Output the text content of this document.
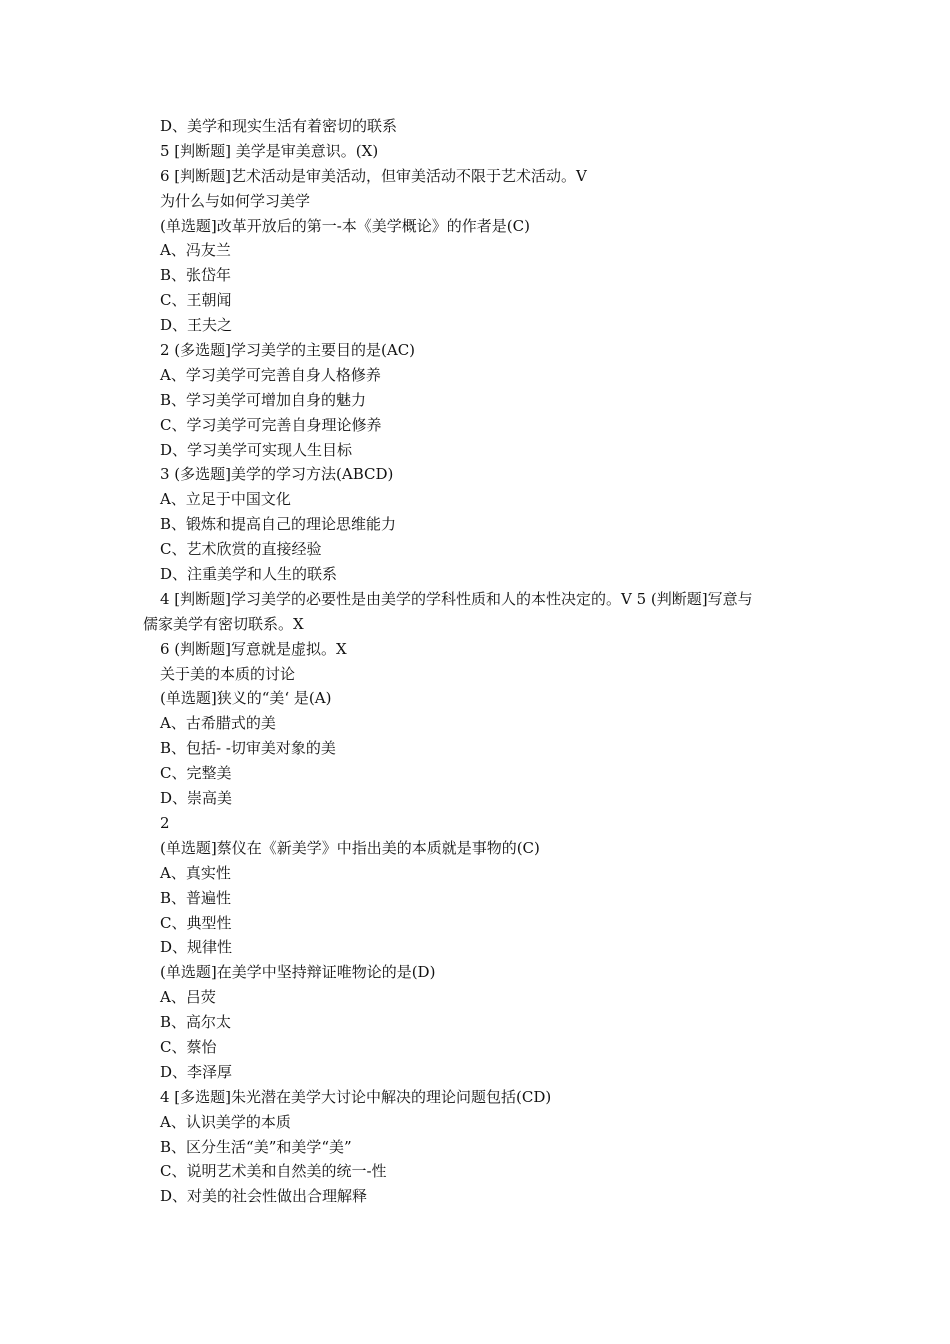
D、美学和现实生活有着密切的联系
5 [判断题] 美学是审美意识。(X)
6 [判断题]艺术活动是审美活动，但审美活动不限于艺术活动。V
为什么与如何学习美学
(单选题]改革开放后的第一-本《美学概论》的作者是(C)
A、冯友兰
B、张岱年
C、王朝闻
D、王夫之
2 (多选题]学习美学的主要目的是(AC)
A、学习美学可完善自身人格修养
B、学习美学可增加自身的魅力
C、学习美学可完善自身理论修养
D、学习美学可实现人生目标
3 (多选题]美学的学习方法(ABCD)
A、立足于中国文化
B、锻炼和提高自己的理论思维能力
C、艺术欣赏的直接经验
D、注重美学和人生的联系
4 [判断题]学习美学的必要性是由美学的学科性质和人的本性决定的。V 5 (判断题]写意与
儒家美学有密切联系。X
6 (判断题]写意就是虚拟。X
关于美的本质的讨论
(单选题]狭义的“美‘ 是(A)
A、古希腊式的美
B、包括- -切审美对象的美
C、完整美
D、崇高美
2
(单选题]蔡仪在《新美学》中指出美的本质就是事物的(C)
A、真实性
B、普遍性
C、典型性
D、规律性
(单选题]在美学中坚持辩证唯物论的是(D)
A、吕荧
B、高尔太
C、蔡怡
D、李泽厚
4 [多选题]朱光潜在美学大讨论中解决的理论问题包括(CD)
A、认识美学的本质
B、区分生活“美”和美学“美”
C、说明艺术美和自然美的统一-性
D、对美的社会性做出合理解释
